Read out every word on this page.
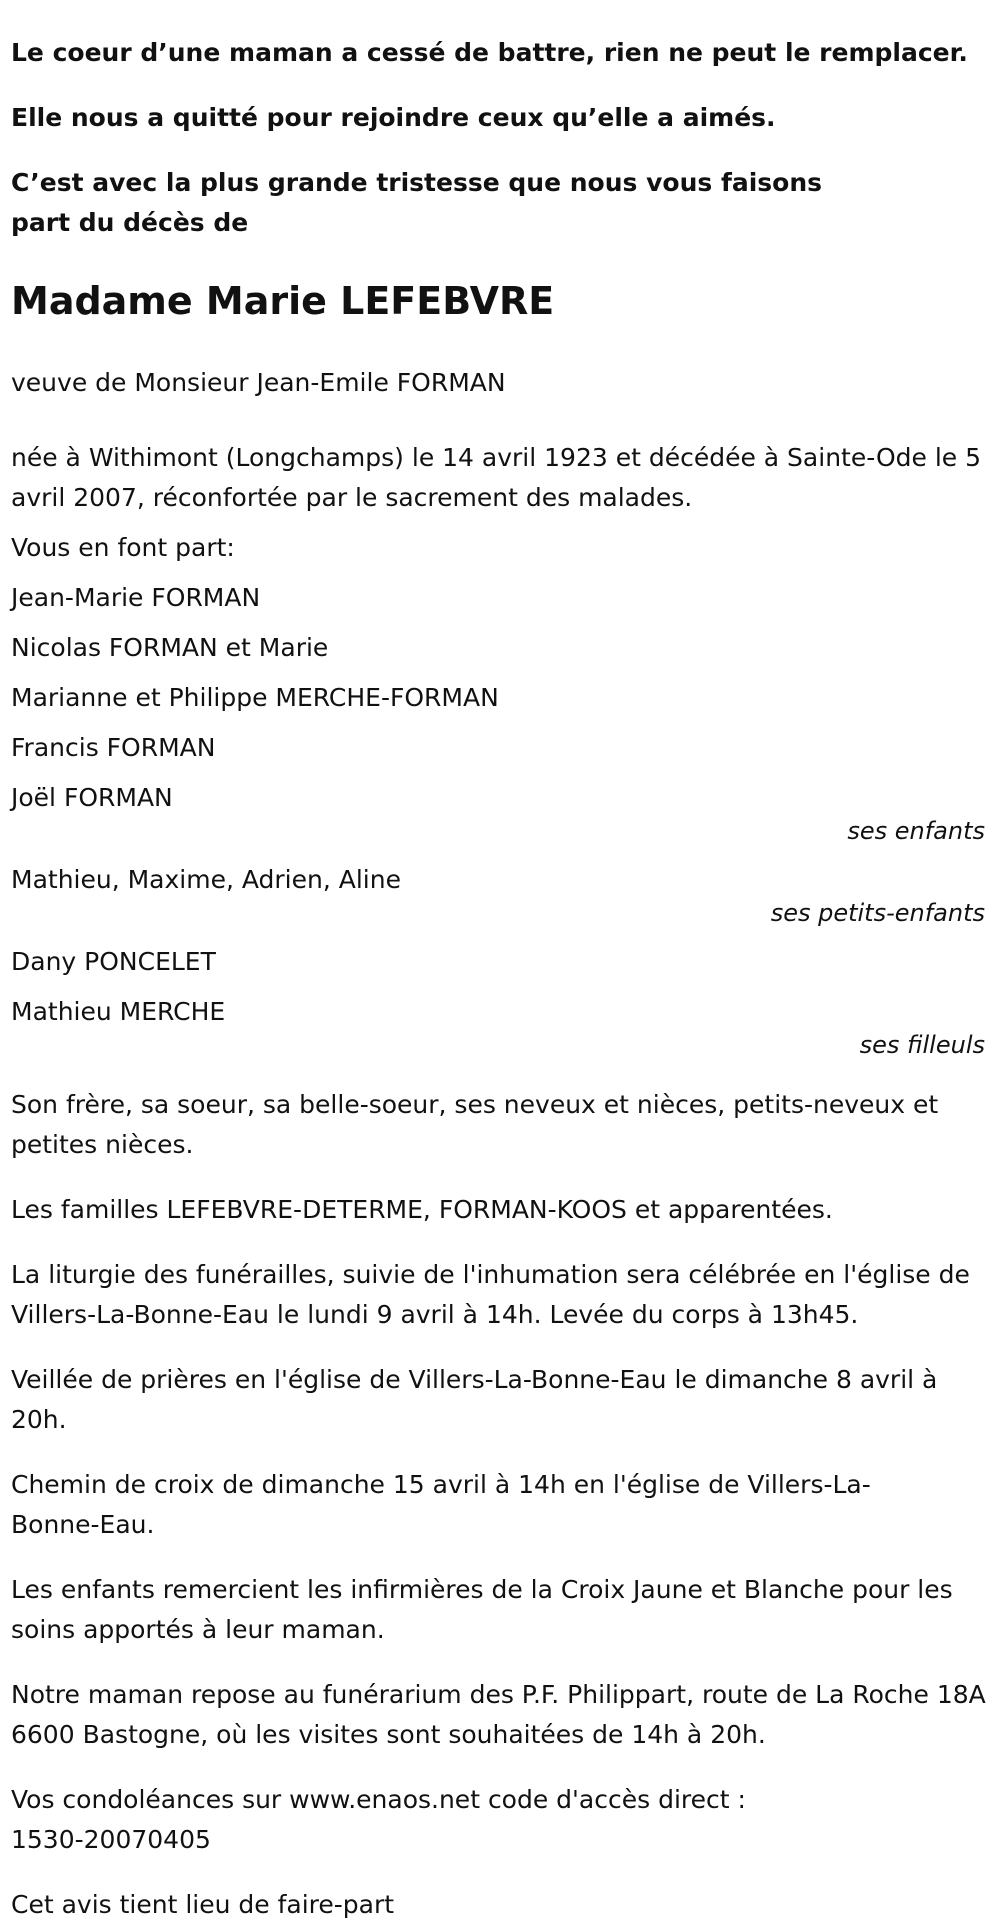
Le coeur d’une maman a cessé de battre, rien ne peut le remplacer.

Elle nous a quitté pour rejoindre ceux qu’elle a aimés.

C’est avec la plus grande tristesse que nous vous faisons part du décès de

Madame Marie LEFEBVRE

veuve de Monsieur Jean-Emile FORMAN

née à Withimont (Longchamps) le 14 avril 1923 et décédée à Sainte-Ode le 5 avril 2007, réconfortée par le sacrement des malades.

Vous en font part:

Jean-Marie FORMAN

Nicolas FORMAN et Marie

Marianne et Philippe MERCHE-FORMAN

Francis FORMAN

Joël FORMAN

ses enfants

Mathieu, Maxime, Adrien, Aline

ses petits-enfants

Dany PONCELET

Mathieu MERCHE

ses filleuls

Son frère, sa soeur, sa belle-soeur, ses neveux et nièces, petits-neveux et petites nièces.

Les familles LEFEBVRE-DETERME, FORMAN-KOOS et apparentées.

La liturgie des funérailles, suivie de l'inhumation sera célébrée en l'église de Villers-La-Bonne-Eau le lundi 9 avril à 14h. Levée du corps à 13h45.

Veillée de prières en l'église de Villers-La-Bonne-Eau le dimanche 8 avril à 20h.

Chemin de croix de dimanche 15 avril à 14h en l'église de Villers-La-Bonne-Eau.

Les enfants remercient les infirmières de la Croix Jaune et Blanche pour les soins apportés à leur maman.

Notre maman repose au funérarium des P.F. Philippart, route de La Roche 18A 6600 Bastogne, où les visites sont souhaitées de 14h à 20h.

Vos condoléances sur www.enaos.net code d'accès direct : 1530-20070405

Cet avis tient lieu de faire-part
